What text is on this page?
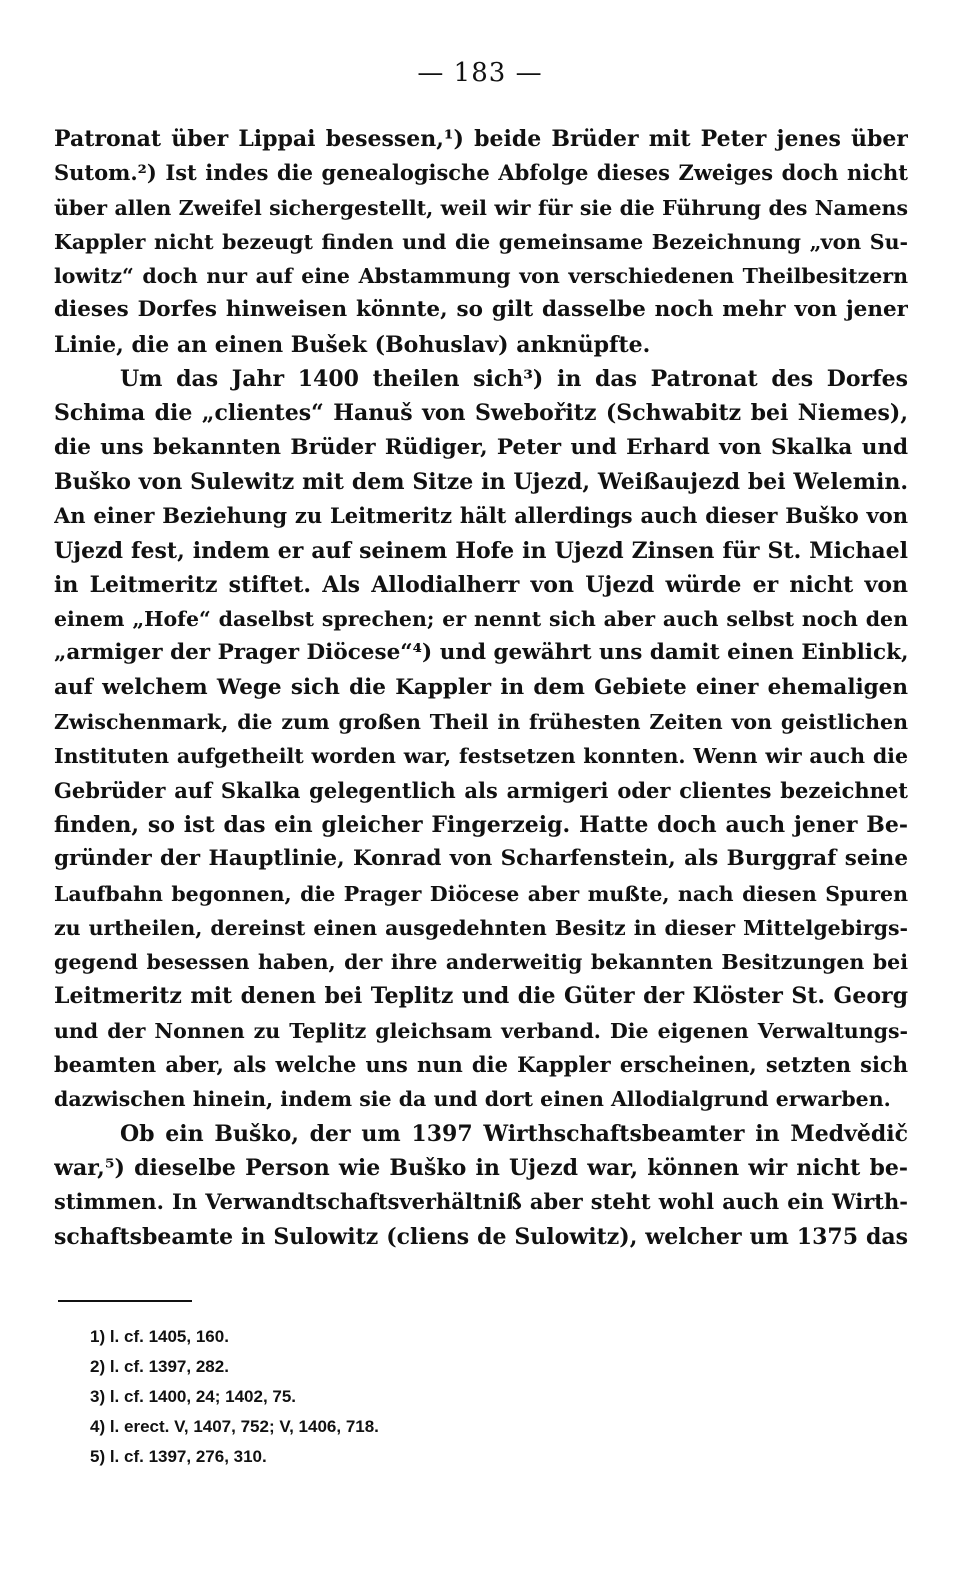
— 183 —
Patronat über Lippai besessen,¹) beide Brüder mit Peter jenes über
Sutom.²) Ist indes die genealogische Abfolge dieses Zweiges doch nicht
über allen Zweifel sichergestellt, weil wir für sie die Führung des Namens
Kappler nicht bezeugt finden und die gemeinsame Bezeichnung „von Su-
lowitz“ doch nur auf eine Abstammung von verschiedenen Theilbesitzern
dieses Dorfes hinweisen könnte, so gilt dasselbe noch mehr von jener
Linie, die an einen Bušek (Bohuslav) anknüpfte.
Um das Jahr 1400 theilen sich³) in das Patronat des Dorfes
Schima die „clientes“ Hanuš von Swebořitz (Schwabitz bei Niemes),
die uns bekannten Brüder Rüdiger, Peter und Erhard von Skalka und
Buško von Sulewitz mit dem Sitze in Ujezd, Weißaujezd bei Welemin.
An einer Beziehung zu Leitmeritz hält allerdings auch dieser Buško von
Ujezd fest, indem er auf seinem Hofe in Ujezd Zinsen für St. Michael
in Leitmeritz stiftet. Als Allodialherr von Ujezd würde er nicht von
einem „Hofe“ daselbst sprechen; er nennt sich aber auch selbst noch den
„armiger der Prager Diöcese“⁴) und gewährt uns damit einen Einblick,
auf welchem Wege sich die Kappler in dem Gebiete einer ehemaligen
Zwischenmark, die zum großen Theil in frühesten Zeiten von geistlichen
Instituten aufgetheilt worden war, festsetzen konnten. Wenn wir auch die
Gebrüder auf Skalka gelegentlich als armigeri oder clientes bezeichnet
finden, so ist das ein gleicher Fingerzeig. Hatte doch auch jener Be-
gründer der Hauptlinie, Konrad von Scharfenstein, als Burggraf seine
Laufbahn begonnen, die Prager Diöcese aber mußte, nach diesen Spuren
zu urtheilen, dereinst einen ausgedehnten Besitz in dieser Mittelgebirgs-
gegend besessen haben, der ihre anderweitig bekannten Besitzungen bei
Leitmeritz mit denen bei Teplitz und die Güter der Klöster St. Georg
und der Nonnen zu Teplitz gleichsam verband. Die eigenen Verwaltungs-
beamten aber, als welche uns nun die Kappler erscheinen, setzten sich
dazwischen hinein, indem sie da und dort einen Allodialgrund erwarben.
Ob ein Buško, der um 1397 Wirthschaftsbeamter in Medvědič
war,⁵) dieselbe Person wie Buško in Ujezd war, können wir nicht be-
stimmen. In Verwandtschaftsverhältniß aber steht wohl auch ein Wirth-
schaftsbeamte in Sulowitz (cliens de Sulowitz), welcher um 1375 das
1) l. cf. 1405, 160.
2) l. cf. 1397, 282.
3) l. cf. 1400, 24; 1402, 75.
4) l. erect. V, 1407, 752; V, 1406, 718.
5) l. cf. 1397, 276, 310.
